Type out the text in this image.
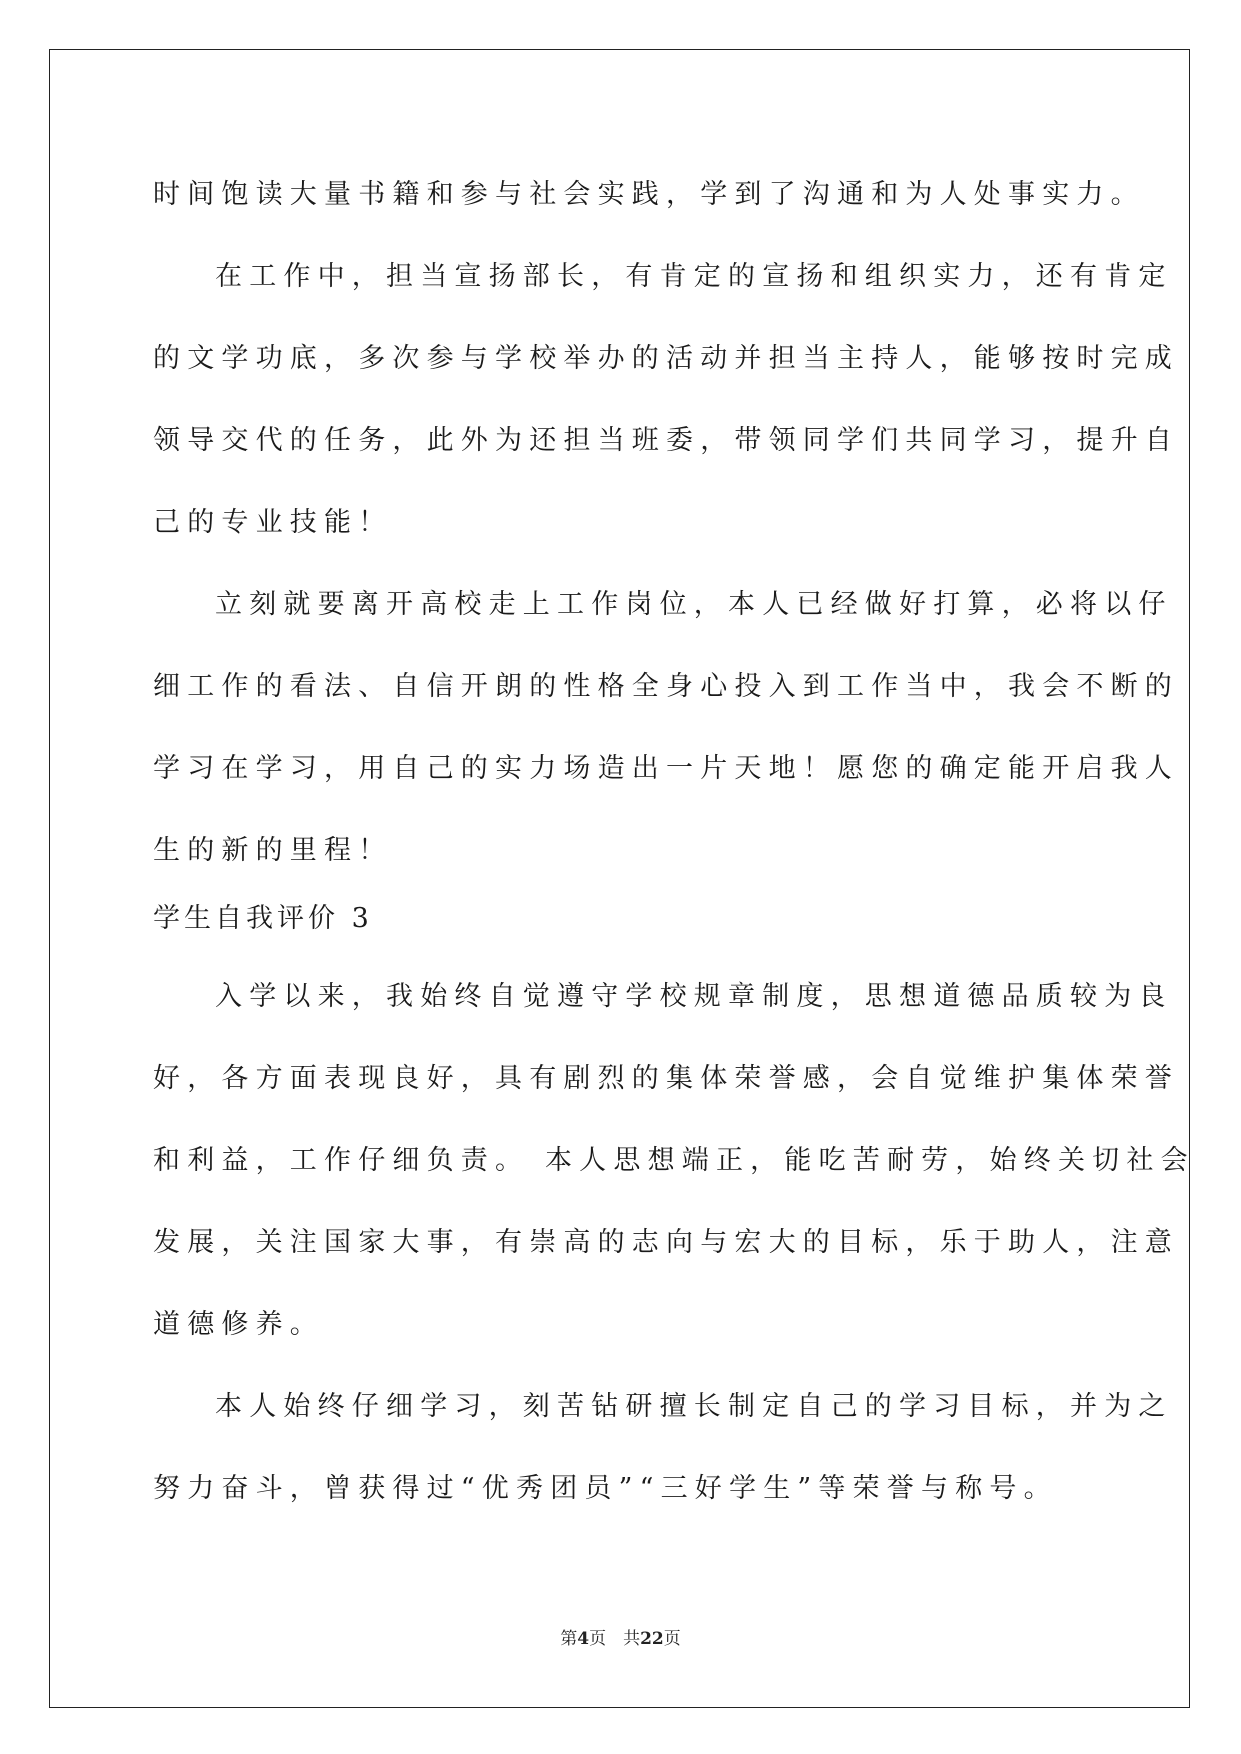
时间饱读大量书籍和参与社会实践，学到了沟通和为人处事实力。
在工作中，担当宣扬部长，有肯定的宣扬和组织实力，还有肯定
的文学功底，多次参与学校举办的活动并担当主持人，能够按时完成
领导交代的任务，此外为还担当班委，带领同学们共同学习，提升自
己的专业技能！
立刻就要离开高校走上工作岗位，本人已经做好打算，必将以仔
细工作的看法、自信开朗的性格全身心投入到工作当中，我会不断的
学习在学习，用自己的实力场造出一片天地！愿您的确定能开启我人
生的新的里程！
学生自我评价 3
入学以来，我始终自觉遵守学校规章制度，思想道德品质较为良
好，各方面表现良好，具有剧烈的集体荣誉感，会自觉维护集体荣誉
和利益，工作仔细负责。 本人思想端正，能吃苦耐劳，始终关切社会
发展，关注国家大事，有崇高的志向与宏大的目标，乐于助人，注意
道德修养。
本人始终仔细学习，刻苦钻研擅长制定自己的学习目标，并为之
努力奋斗，曾获得过“优秀团员”“三好学生”等荣誉与称号。
第4页　共22页
